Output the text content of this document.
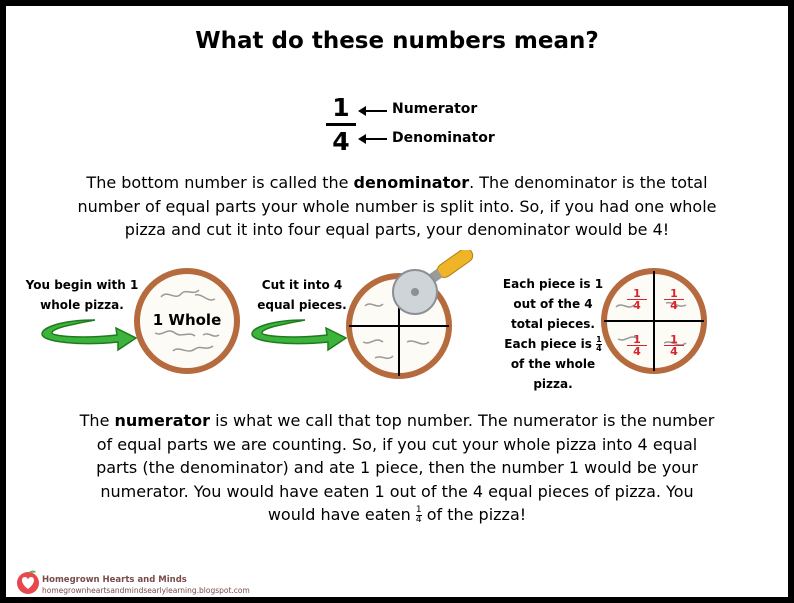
What do these numbers mean?
1
4
Numerator
Denominator
The bottom number is called the denominator. The denominator is the total
number of equal parts your whole number is split into. So, if you had one whole
pizza and cut it into four equal parts, your denominator would be 4!
You begin with 1
whole pizza.
Cut it into 4
equal pieces.
Each piece is 1
out of the 4
total pieces.
Each piece is $\frac{1}{4}$
of the whole
pizza.
1 Whole
$\frac{1}{4} \frac{1}{4}$
$\frac{1}{4} \frac{1}{4}$
The numerator is what we call that top number. The numerator is the number
of equal parts we are counting. So, if you cut your whole pizza into 4 equal
parts (the denominator) and ate 1 piece, then the number 1 would be your
numerator. You would have eaten 1 out of the 4 equal pieces of pizza. You
would have eaten $\frac{1}{4}$ of the pizza!
Homegrown Hearts and Minds
homegrownheartsandmindsearlylearning.blogspot.com
